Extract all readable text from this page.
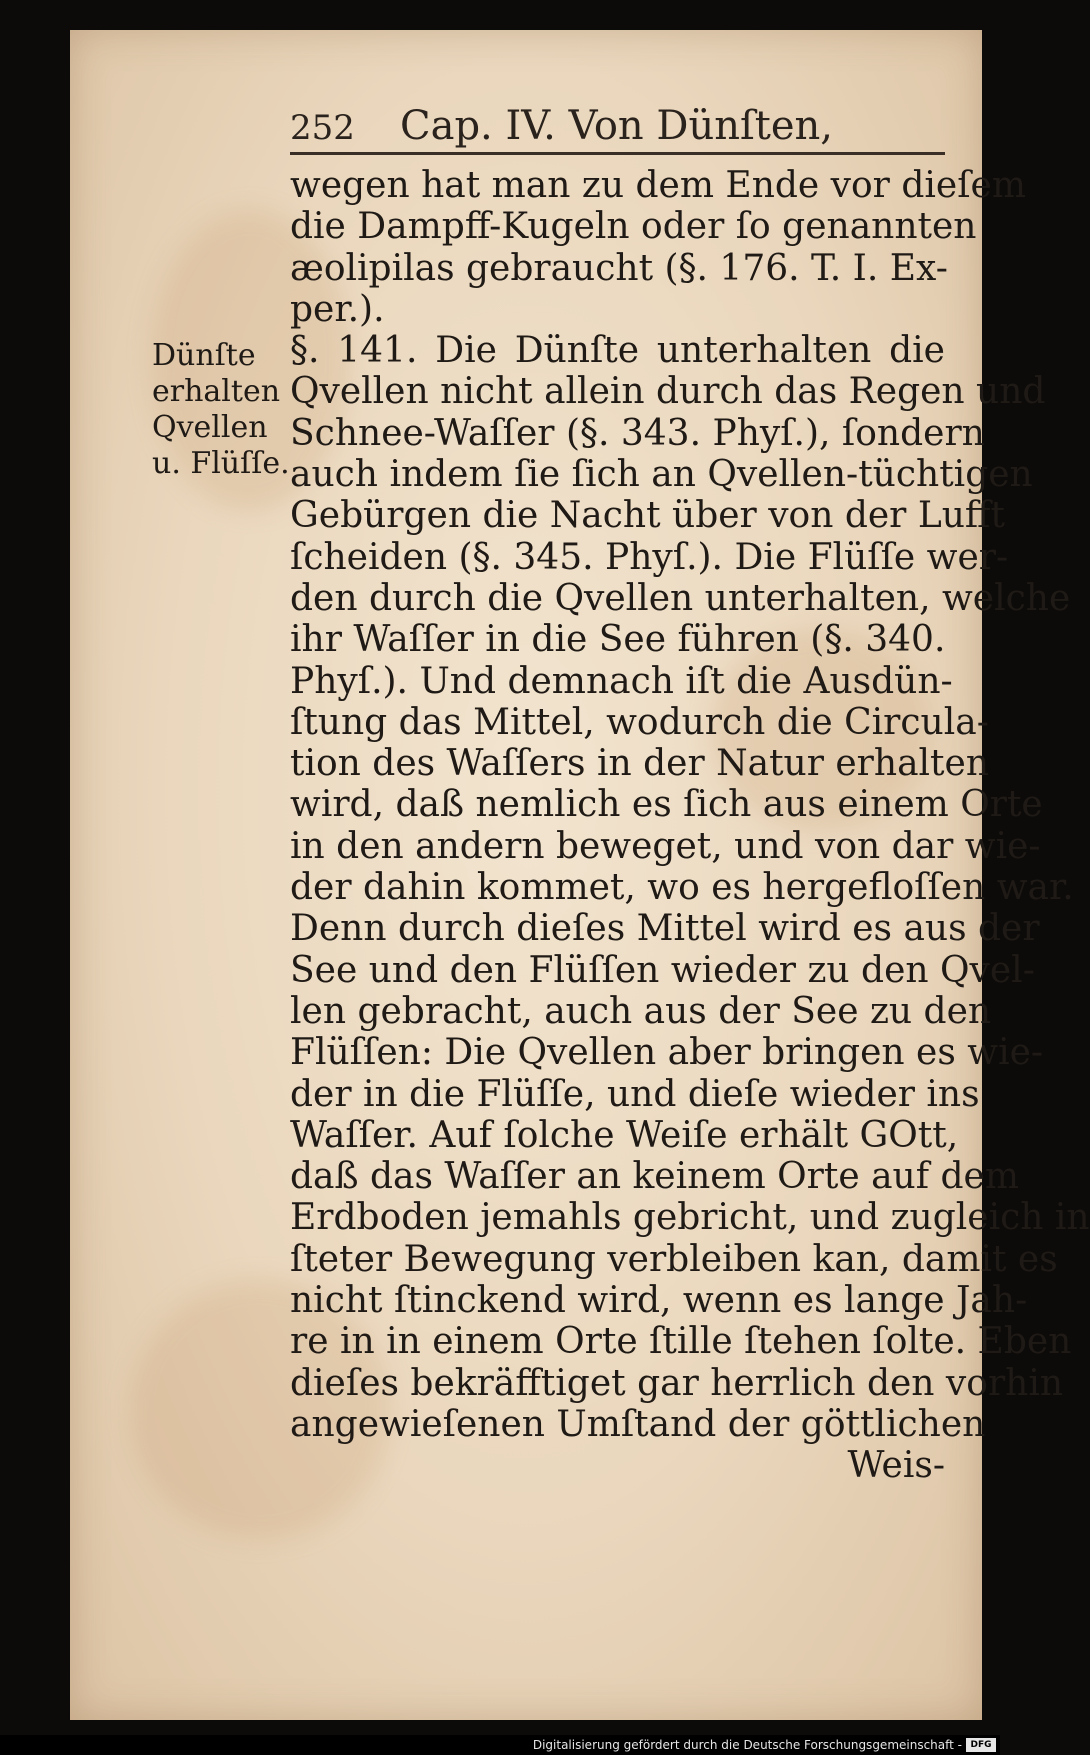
252 Cap. IV. Von Dünſten,
Dünſte
erhalten
Qvellen
u. Flüſſe.
wegen hat man zu dem Ende vor dieſem
die Dampff-Kugeln oder ſo genannten
æolipilas gebraucht (§. 176. T. I. Ex-
per.).
§. 141. Die Dünſte unterhalten die
Qvellen nicht allein durch das Regen und
Schnee-Waſſer (§. 343. Phyſ.), ſondern
auch indem ſie ſich an Qvellen-tüchtigen
Gebürgen die Nacht über von der Lufft
ſcheiden (§. 345. Phyſ.). Die Flüſſe wer-
den durch die Qvellen unterhalten, welche
ihr Waſſer in die See führen (§. 340.
Phyſ.). Und demnach iſt die Ausdün-
ſtung das Mittel, wodurch die Circula-
tion des Waſſers in der Natur erhalten
wird, daß nemlich es ſich aus einem Orte
in den andern beweget, und von dar wie-
der dahin kommet, wo es hergefloſſen war.
Denn durch dieſes Mittel wird es aus der
See und den Flüſſen wieder zu den Qvel-
len gebracht, auch aus der See zu den
Flüſſen: Die Qvellen aber bringen es wie-
der in die Flüſſe, und dieſe wieder ins
Waſſer. Auf ſolche Weiſe erhält GOtt,
daß das Waſſer an keinem Orte auf dem
Erdboden jemahls gebricht, und zugleich in
ſteter Bewegung verbleiben kan, damit es
nicht ſtinckend wird, wenn es lange Jah-
re in in einem Orte ſtille ſtehen ſolte. Eben
dieſes bekräfftiget gar herrlich den vorhin
angewieſenen Umſtand der göttlichen
Weis-
Digitalisierung gefördert durch die Deutsche Forschungsgemeinschaft - DFG
